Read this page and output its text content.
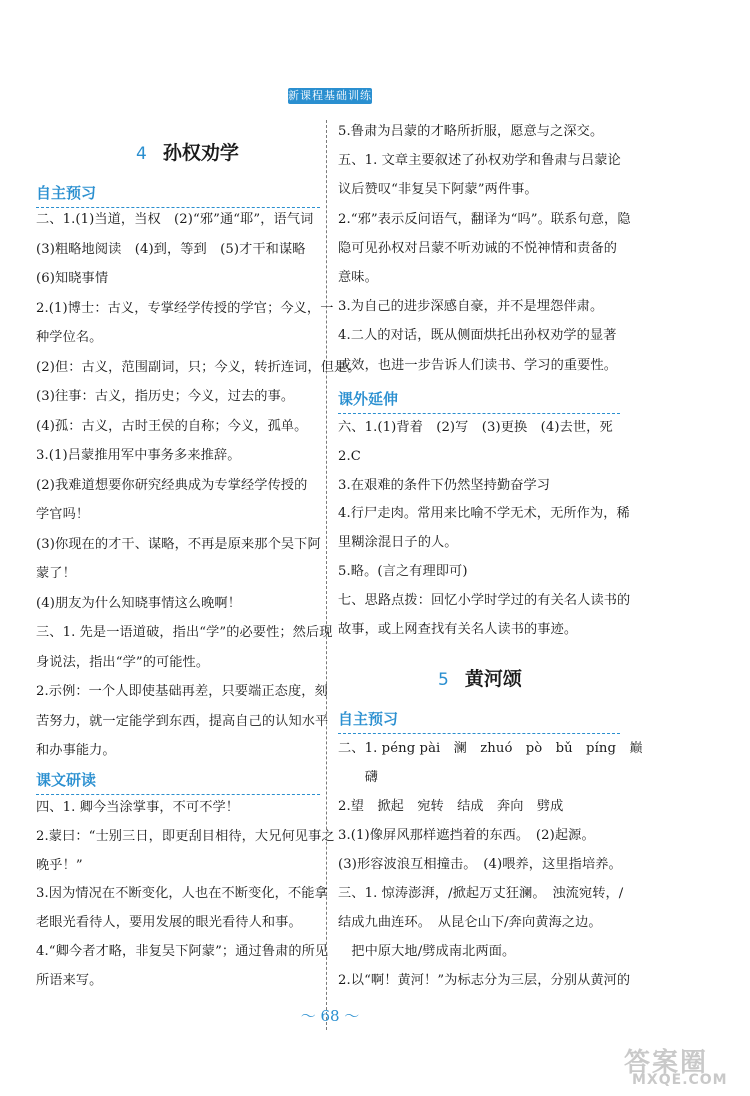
新课程基础训练
4 孙权劝学
自主预习
二、1.(1)当道，当权　(2)“邪”通“耶”，语气词
(3)粗略地阅读　(4)到，等到　(5)才干和谋略
(6)知晓事情
2.(1)博士：古义，专掌经学传授的学官；今义，一
种学位名。
(2)但：古义，范围副词，只；今义，转折连词，但是。
(3)往事：古义，指历史；今义，过去的事。
(4)孤：古义，古时王侯的自称；今义，孤单。
3.(1)吕蒙推用军中事务多来推辞。
(2)我难道想要你研究经典成为专掌经学传授的
学官吗！
(3)你现在的才干、谋略，不再是原来那个吴下阿
蒙了！
(4)朋友为什么知晓事情这么晚啊！
三、1. 先是一语道破，指出“学”的必要性；然后现
身说法，指出“学”的可能性。
2.示例：一个人即使基础再差，只要端正态度，刻
苦努力，就一定能学到东西，提高自己的认知水平
和办事能力。
课文研读
四、1. 卿今当涂掌事，不可不学！
2.蒙曰：“士别三日，即更刮目相待，大兄何见事之
晚乎！”
3.因为情况在不断变化，人也在不断变化，不能拿
老眼光看待人，要用发展的眼光看待人和事。
4.“卿今者才略，非复吴下阿蒙”；通过鲁肃的所见
所语来写。
5.鲁肃为吕蒙的才略所折服，愿意与之深交。
五、1. 文章主要叙述了孙权劝学和鲁肃与吕蒙论
议后赞叹“非复吴下阿蒙”两件事。
2.“邪”表示反问语气，翻译为“吗”。联系句意，隐
隐可见孙权对吕蒙不听劝诫的不悦神情和责备的
意味。
3.为自己的进步深感自豪，并不是埋怨伴肃。
4.二人的对话，既从侧面烘托出孙权劝学的显著
成效，也进一步告诉人们读书、学习的重要性。
课外延伸
六、1.(1)背着　(2)写　(3)更换　(4)去世，死
2.C
3.在艰难的条件下仍然坚持勤奋学习
4.行尸走肉。常用来比喻不学无术，无所作为，稀
里糊涂混日子的人。
5.略。(言之有理即可)
七、思路点拨：回忆小学时学过的有关名人读书的
故事，或上网查找有关名人读书的事迹。
5 黄河颂
自主预习
二、1. péng pài　澜　zhuó　pò　bǔ　píng　巅
　　礴
2.望　掀起　宛转　结成　奔向　劈成
3.(1)像屏风那样遮挡着的东西。　(2)起源。
(3)形容波浪互相撞击。　(4)喂养，这里指培养。
三、1. 惊涛澎湃，/掀起万丈狂澜。　浊流宛转，/
结成九曲连环。　从昆仑山下/奔向黄海之边。
　把中原大地/劈成南北两面。
2.以“啊！黄河！”为标志分为三层，分别从黄河的
～ 68 ～
答案圈
MXQE.COM
